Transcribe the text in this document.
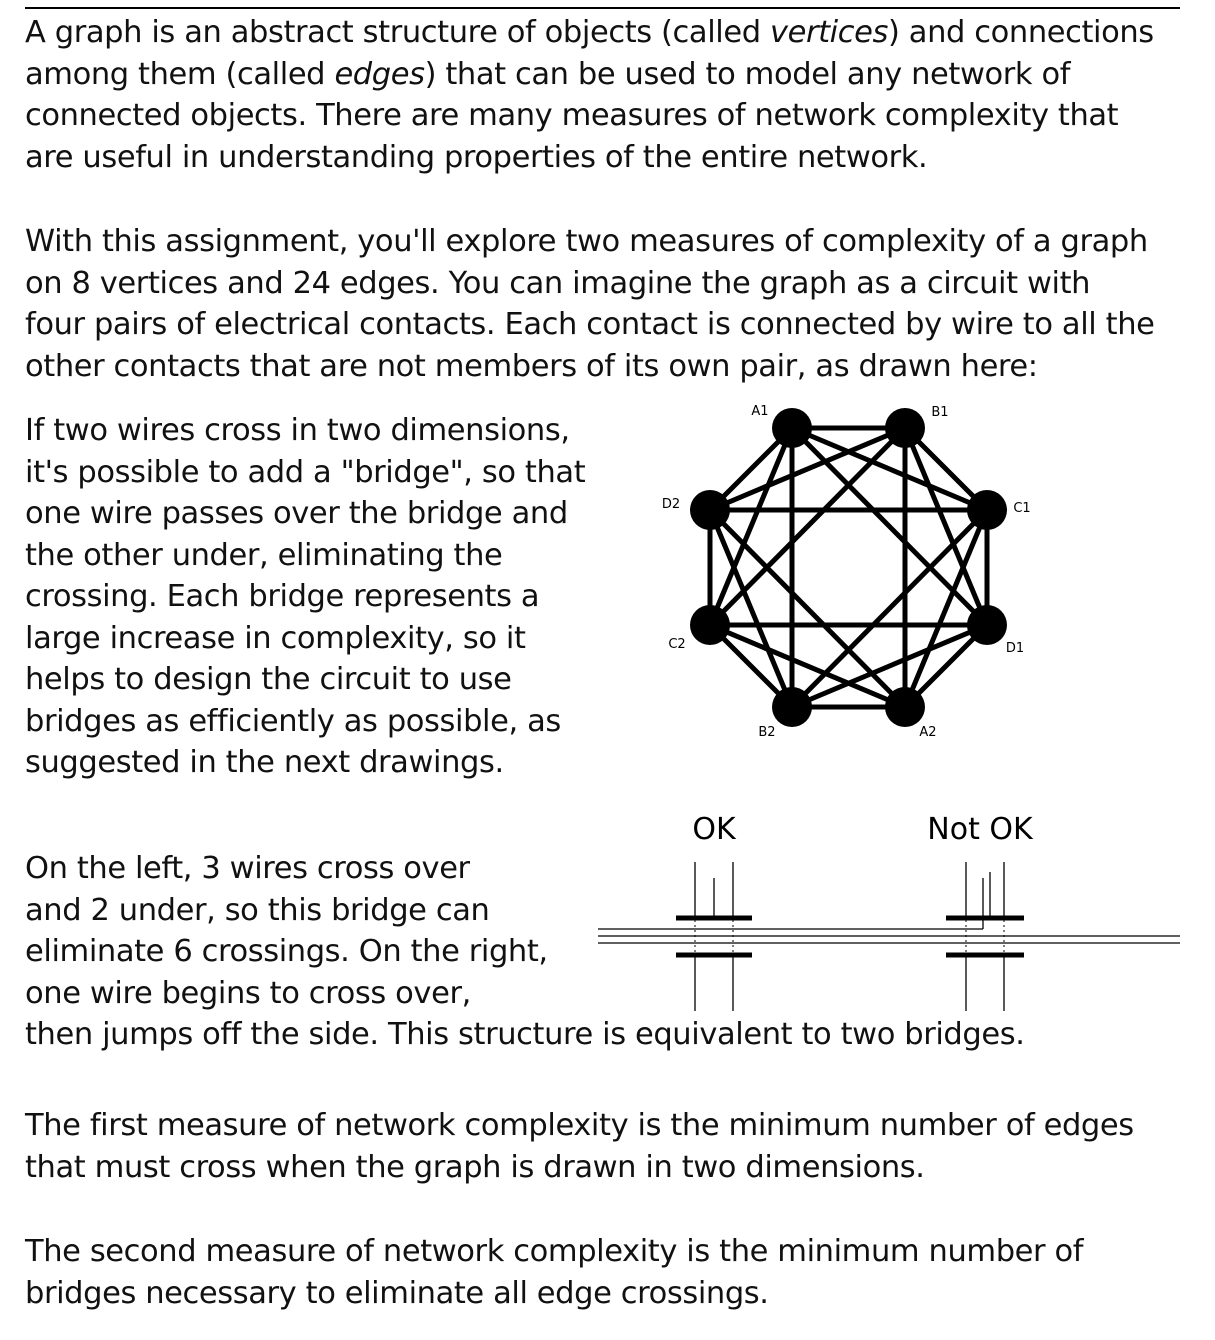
A graph is an abstract structure of objects (called vertices) and connections
among them (called edges) that can be used to model any network of
connected objects. There are many measures of network complexity that
are useful in understanding properties of the entire network.
With this assignment, you'll explore two measures of complexity of a graph
on 8 vertices and 24 edges. You can imagine the graph as a circuit with
four pairs of electrical contacts. Each contact is connected by wire to all the
other contacts that are not members of its own pair, as drawn here:
If two wires cross in two dimensions,
it's possible to add a "bridge", so that
one wire passes over the bridge and
the other under, eliminating the
crossing. Each bridge represents a
large increase in complexity, so it
helps to design the circuit to use
bridges as efficiently as possible, as
suggested in the next drawings.
On the left, 3 wires cross over
and 2 under, so this bridge can
eliminate 6 crossings. On the right,
one wire begins to cross over,
then jumps off the side. This structure is equivalent to two bridges.
The first measure of network complexity is the minimum number of edges
that must cross when the graph is drawn in two dimensions.
The second measure of network complexity is the minimum number of
bridges necessary to eliminate all edge crossings.
A1	B1
C1
D1
A2
B2
C2
D2
OK	Not OK
